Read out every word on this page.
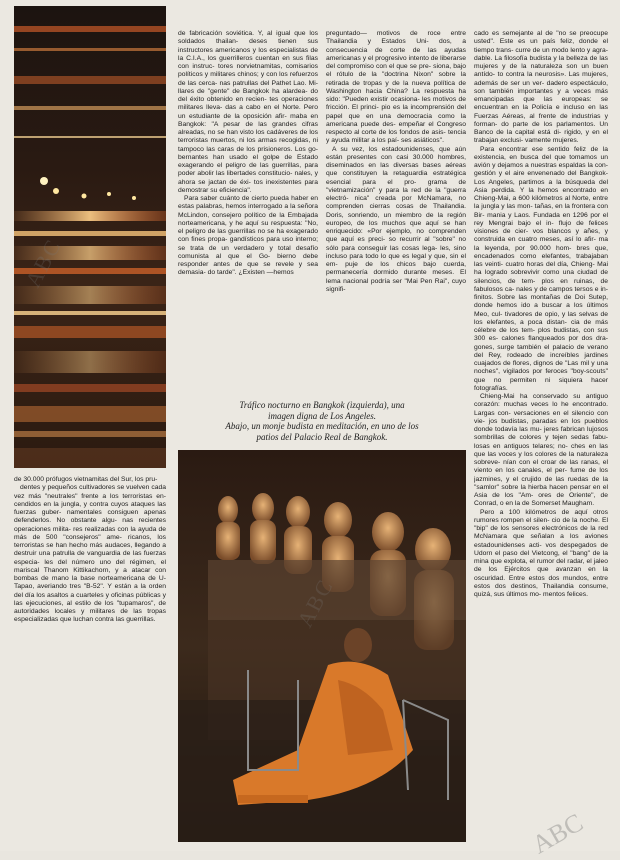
de 30.000 prófugos vietnamitas del Sur, los pru-

dentes y pequeños cultivadores se vuelven cada vez más "neutrales" frente a los terroristas en- cendidos en la jungla, y contra cuyos ataques las fuerzas guber- namentales consiguen apenas defenderlos. No obstante algu- nas recientes operaciones milita- res realizadas con la ayuda de más de 500 "consejeros" ame- ricanos, los terroristas se han hecho más audaces, llegando a destruir una patrulla de vanguardia de las fuerzas especia- les del número uno del régimen, el mariscal Thanom Kittikachorn, y a atacar con bombas de mano la base norteamericana de U-Tapao, averiando tres "B-52". Y están a la orden del día los asaltos a cuarteles y oficinas públicas y las ejecuciones, al estilo de los "tupamaros", de autoridades locales y militares de las tropas especializadas que luchan contra las guerrillas.

de fabricación soviética. Y, al igual que los soldados thailan- deses tienen sus instructores americanos y los especialistas de la C.I.A., los guerrilleros cuentan en sus filas con instruc- tores norvietnamitas, comisarios políticos y militares chinos; y con los refuerzos de las cerca- nas patrullas del Pathet Lao. Mi- llares de "gente" de Bangkok ha alardea- do del éxito obtenido en recien- tes operaciones militares lleva- das a cabo en el Norte. Pero un estudiante de la oposición afir- maba en Bangkok: "A pesar de las grandes cifras alreadas, no se han visto los cadáveres de los terroristas muertos, ni los armas recogidas, ni tampoco las caras de los prisioneros. Los go- bernantes han usado el golpe de Estado exagerando el peligro de las guerrillas, para poder abolir las libertades constitucio- nales, y ahora se jactan de éxi- tos inexistentes para demostrar su eficiencia".

Para saber cuánto de cierto pueda haber en estas palabras, hemos interrogado a la señora McLindon, consejero político de la Embajada norteamericana, y he aquí su respuesta: "No, el peligro de las guerrillas no se ha exagerado con fines propa- gandísticos para uso interno; se trata de un verdadero y total desafío comunista al que el Go- bierno debe responder antes de que se revele y sea demasia- do tarde". ¿Existen —hemos

preguntado— motivos de roce entre Thailandia y Estados Uni- dos, a consecuencia de corte de las ayudas americanas y el progresivo intento de liberarse del compromiso con el que se pre- siona, bajo el rótulo de la "doctrina Nixon" sobre la retirada de tropas y de la nueva política de Washington hacia China? La respuesta ha sido: "Pueden existir ocasiona- les motivos de fricción. El princi- pio es la incomprensión del papel que en una democracia como la americana puede des- empeñar el Congreso respecto al corte de los fondos de asis- tencia y ayuda militar a los paí- ses asiáticos".

A su vez, los estadounidenses, que aún están presentes con casi 30.000 hombres, diseminados en las diversas bases aéreas que constituyen la retaguardia estratégica esencial para el pro- grama de "vietnamización" y para la red de la "guerra electró- nica" creada por McNamara, no comprenden cierras cosas de Thailandia. Doris, sonriendo, un miembro de la región europeo, de los muchos que aquí se han enriquecido: «Por ejemplo, no comprenden que aquí es preci- so recurrir al "sobre" no sólo para conseguir las cosas lega- les, sino incluso para todo lo que es legal y que, sin el em- puje de los chicos bajo cuerda, permanecería dormido durante meses. El lema nacional podría ser "Mai Pen Rai", cuyo signifi-

Tráfico nocturno en Bangkok (izquierda), una
imagen digna de Los Angeles.
Abajo, un monje budista en meditación, en uno de los
patios del Palacio Real de Bangkok.

cado es semejante al de "no se preocupe usted". Este es un país feliz, donde el tiempo trans- curre de un modo lento y agra- dable. La filosofía budista y la belleza de las mujeres y de la naturaleza son un buen antído- to contra la neurosis». Las mujeres, además de ser un ver- dadero espectáculo, son también importantes y a veces más emancipadas que las europeas: se encuentran en la Policía e incluso en las Fuerzas Aéreas, al frente de industrias y forman- do parte de los parlamentos. Un Banco de la capital está di- rigido, y en el trabajan exclusi- vamente mujeres.

Para encontrar ese sentido feliz de la existencia, en busca del que tomamos un avión y dejamos a nuestras espaldas la con- gestión y el aire envenenado del Bangkok-Los Angeles, partimos a la búsqueda del Asia perdida. Y la hemos encontrado en Chieng-Mai, a 600 kilómetros al Norte, entre la jungla y las mon- tañas, en la frontera con Bir- mania y Laos. Fundada en 1296 por el rey Mengrai bajo el in- flujo de felices visiones de cier- vos blancos y añes, y construida en cuatro meses, así lo afir- ma la leyenda, por 90.000 hom- bres que, encadenados como elefantes, trabajaban las veinti- cuatro horas del día, Chieng- Mai ha logrado sobrevivir como una ciudad de silencios, de tem- plos en ruinas, de fabulosos ca- nales y de campos tersos e in- finitos. Sobre las montañas de Doi Sutep, donde hemos ido a buscar a los últimos Meo, cul- tivadores de opio, y las selvas de los elefantes, a poca distan- cia de más célebre de los tem- plos budistas, con sus 300 es- calones flanqueados por dos dra- gones, surge también el palacio de verano del Rey, rodeado de increíbles jardines cuajados de flores, dignos de "Las mil y una noches", vigilados por feroces "boy-scouts" que no permiten ni siquiera hacer fotografías.

Chieng-Mai ha conservado su antiguo corazón: muchas veces lo he encontrado. Largas con- versaciones en el silencio con vie- jos budistas, paradas en los pueblos donde todavía las mu- jeres fabrican lujosos sombrillas de colores y tejen sedas fabu- losas en antiguos telares; no- ches en las que las voces y los colores de la naturaleza sobreve- nían con el croar de las ranas, el viento en los canales, el per- fume de los jazmines, y el crujido de las ruedas de la "samlor" sobre la hierba hacen pensar en el Asia de los "Am- ores de Oriente", de Conrad, o en la de Somerset Maugham.

Pero a 100 kilómetros de aquí otros rumores rompen el silen- cio de la noche. El "bip" de los sensores electrónicos de la red McNamara que señalan a los aviones estadounidenses acti- vos despegados de Udorn el paso del Vietcong, el "bang" de la mina que explota, el rumor del radar, el jaleo de los Ejércitos que avanzan en la oscuridad. Entre estos dos mundos, entre estos dos destinos, Thailandia consume, quizá, sus últimos mo- mentos felices.

ABC
ABC
ABC
